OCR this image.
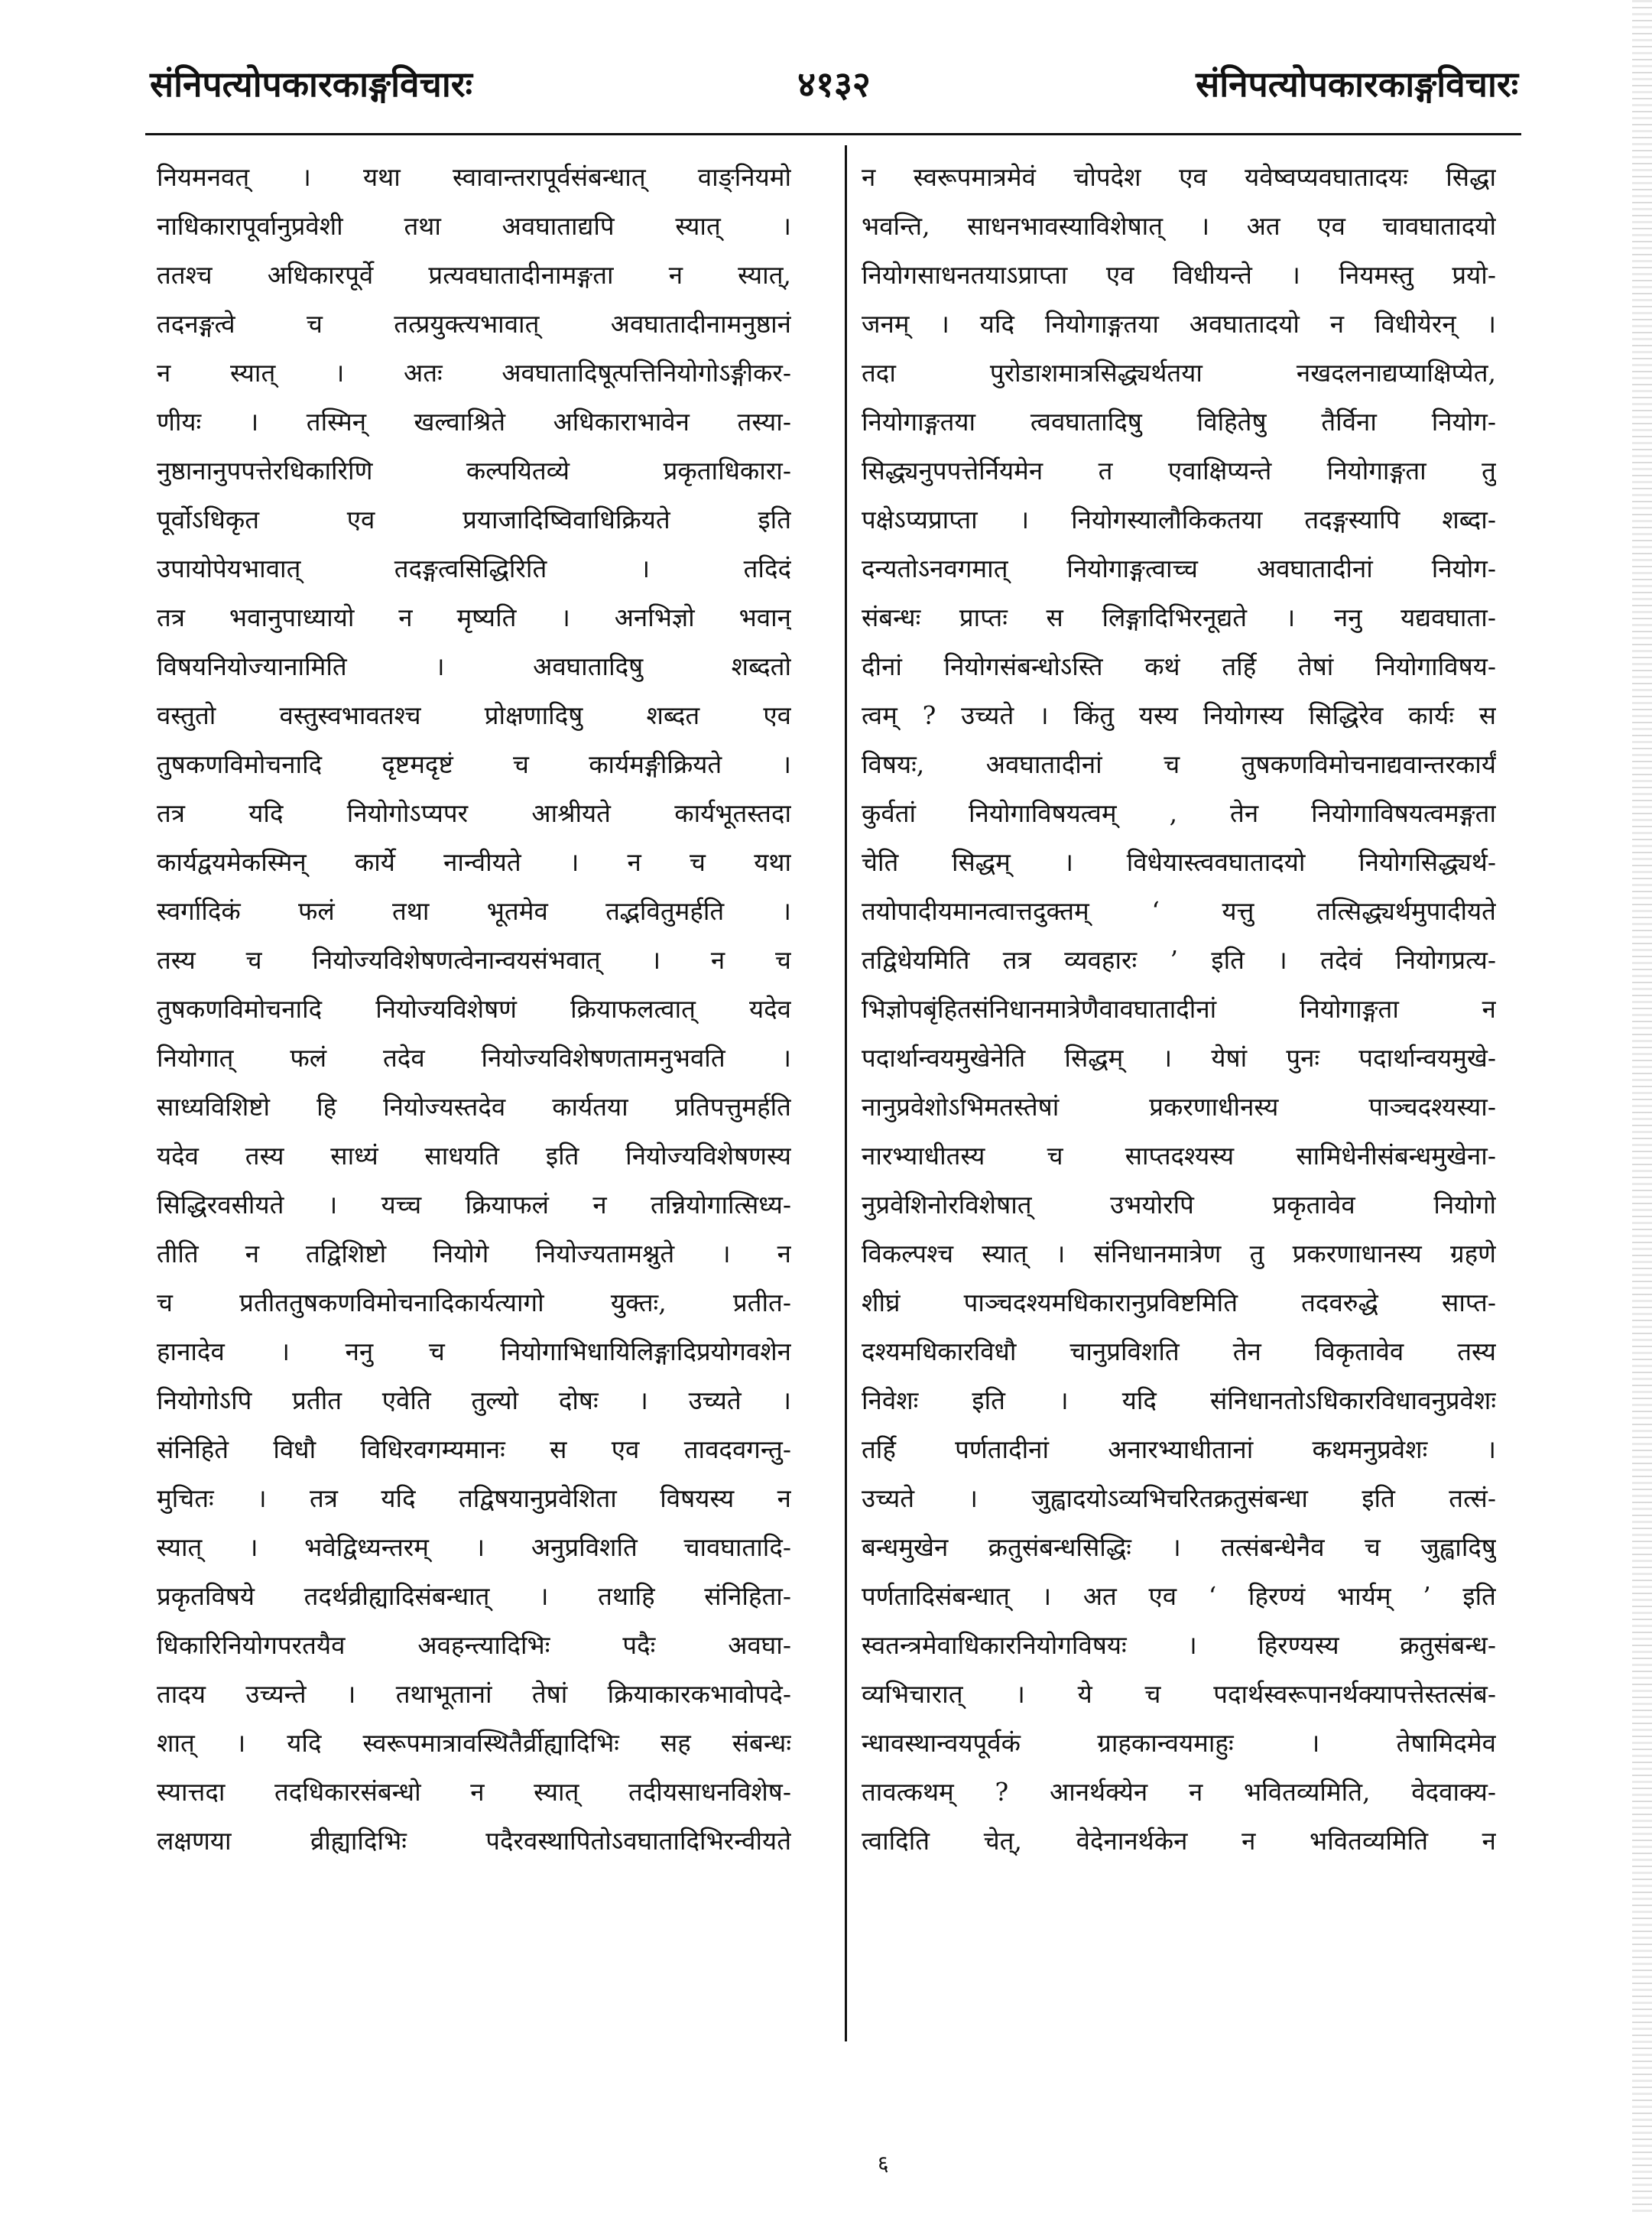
संनिपत्योपकारकाङ्गविचारः	४१३२	संनिपत्योपकारकाङ्गविचारः
नियमनवत् । यथा स्वावान्तरापूर्वसंबन्धात् वाङ्नियमो
नाधिकारापूर्वानुप्रवेशी तथा अवघाताद्यपि स्यात् ।
ततश्च अधिकारपूर्वे प्रत्यवघातादीनामङ्गता न स्यात्,
तदनङ्गत्वे च तत्प्रयुक्त्यभावात् अवघातादीनामनुष्ठानं
न स्यात् । अतः अवघातादिषूत्पत्तिनियोगोऽङ्गीकर-
णीयः । तस्मिन् खल्वाश्रिते अधिकाराभावेन तस्या-
नुष्ठानानुपपत्तेरधिकारिणि कल्पयितव्ये प्रकृताधिकारा-
पूर्वोऽधिकृत एव प्रयाजादिष्विवाधिक्रियते इति
उपायोपेयभावात् तदङ्गत्वसिद्धिरिति । तदिदं
तत्र भवानुपाध्यायो न मृष्यति । अनभिज्ञो भवान्
विषयनियोज्यानामिति । अवघातादिषु शब्दतो
वस्तुतो वस्तुस्वभावतश्च प्रोक्षणादिषु शब्दत एव
तुषकणविमोचनादि दृष्टमदृष्टं च कार्यमङ्गीक्रियते ।
तत्र यदि नियोगोऽप्यपर आश्रीयते कार्यभूतस्तदा
कार्यद्वयमेकस्मिन् कार्ये नान्वीयते । न च यथा
स्वर्गादिकं फलं तथा भूतमेव तद्भवितुमर्हति ।
तस्य च नियोज्यविशेषणत्वेनान्वयसंभवात् । न च
तुषकणविमोचनादि नियोज्यविशेषणं क्रियाफलत्वात् यदेव
नियोगात् फलं तदेव नियोज्यविशेषणतामनुभवति ।
साध्यविशिष्टो हि नियोज्यस्तदेव कार्यतया प्रतिपत्तुमर्हति
यदेव तस्य साध्यं साधयति इति नियोज्यविशेषणस्य
सिद्धिरवसीयते । यच्च क्रियाफलं न तन्नियोगात्सिध्य-
तीति न तद्विशिष्टो नियोगे नियोज्यतामश्नुते । न
च प्रतीततुषकणविमोचनादिकार्यत्यागो युक्तः, प्रतीत-
हानादेव । ननु च नियोगाभिधायिलिङ्गादिप्रयोगवशेन
नियोगोऽपि प्रतीत एवेति तुल्यो दोषः । उच्यते ।
संनिहिते विधौ विधिरवगम्यमानः स एव तावदवगन्तु-
मुचितः । तत्र यदि तद्विषयानुप्रवेशिता विषयस्य न
स्यात् । भवेद्विध्यन्तरम् । अनुप्रविशति चावघातादि-
प्रकृतविषये तदर्थव्रीह्यादिसंबन्धात् । तथाहि संनिहिता-
धिकारिनियोगपरतयैव अवहन्त्यादिभिः पदैः अवघा-
तादय उच्यन्ते । तथाभूतानां तेषां क्रियाकारकभावोपदे-
शात् । यदि स्वरूपमात्रावस्थितैर्व्रीह्यादिभिः सह संबन्धः
स्यात्तदा तदधिकारसंबन्धो न स्यात् तदीयसाधनविशेष-
लक्षणया व्रीह्यादिभिः पदैरवस्थापितोऽवघातादिभिरन्वीयते
न स्वरूपमात्रमेवं चोपदेश एव यवेष्वप्यवघातादयः सिद्धा
भवन्ति, साधनभावस्याविशेषात् । अत एव चावघातादयो
नियोगसाधनतयाऽप्राप्ता एव विधीयन्ते । नियमस्तु प्रयो-
जनम् । यदि नियोगाङ्गतया अवघातादयो न विधीयेरन् ।
तदा पुरोडाशमात्रसिद्ध्यर्थतया नखदलनाद्यप्याक्षिप्येत,
नियोगाङ्गतया त्ववघातादिषु विहितेषु तैर्विना नियोग-
सिद्ध्यनुपपत्तेर्नियमेन त एवाक्षिप्यन्ते नियोगाङ्गता तु
पक्षेऽप्यप्राप्ता । नियोगस्यालौकिकतया तदङ्गस्यापि शब्दा-
दन्यतोऽनवगमात् नियोगाङ्गत्वाच्च अवघातादीनां नियोग-
संबन्धः प्राप्तः स लिङ्गादिभिरनूद्यते । ननु यद्यवघाता-
दीनां नियोगसंबन्धोऽस्ति कथं तर्हि तेषां नियोगाविषय-
त्वम् ? उच्यते । किंतु यस्य नियोगस्य सिद्धिरेव कार्यः स
विषयः, अवघातादीनां च तुषकणविमोचनाद्यवान्तरकार्यं
कुर्वतां नियोगाविषयत्वम् , तेन नियोगाविषयत्वमङ्गता
चेति सिद्धम् । विधेयास्त्ववघातादयो नियोगसिद्ध्यर्थ-
तयोपादीयमानत्वात्तदुक्तम् ‘ यत्तु तत्सिद्ध्यर्थमुपादीयते
तद्विधेयमिति तत्र व्यवहारः ’ इति । तदेवं नियोगप्रत्य-
भिज्ञोपबृंहितसंनिधानमात्रेणैवावघातादीनां नियोगाङ्गता न
पदार्थान्वयमुखेनेति सिद्धम् । येषां पुनः पदार्थान्वयमुखे-
नानुप्रवेशोऽभिमतस्तेषां प्रकरणाधीनस्य पाञ्चदश्यस्या-
नारभ्याधीतस्य च साप्तदश्यस्य सामिधेनीसंबन्धमुखेना-
नुप्रवेशिनोरविशेषात् उभयोरपि प्रकृतावेव नियोगो
विकल्पश्च स्यात् । संनिधानमात्रेण तु प्रकरणाधानस्य ग्रहणे
शीघ्रं पाञ्चदश्यमधिकारानुप्रविष्टमिति तदवरुद्धे साप्त-
दश्यमधिकारविधौ चानुप्रविशति तेन विकृतावेव तस्य
निवेशः इति । यदि संनिधानतोऽधिकारविधावनुप्रवेशः
तर्हि पर्णतादीनां अनारभ्याधीतानां कथमनुप्रवेशः ।
उच्यते । जुह्वादयोऽव्यभिचरितक्रतुसंबन्धा इति तत्सं-
बन्धमुखेन क्रतुसंबन्धसिद्धिः । तत्संबन्धेनैव च जुह्वादिषु
पर्णतादिसंबन्धात् । अत एव ‘ हिरण्यं भार्यम् ’ इति
स्वतन्त्रमेवाधिकारनियोगविषयः । हिरण्यस्य क्रतुसंबन्ध-
व्यभिचारात् । ये च पदार्थस्वरूपानर्थक्यापत्तेस्तत्संब-
न्धावस्थान्वयपूर्वकं ग्राहकान्वयमाहुः । तेषामिदमेव
तावत्कथम् ? आनर्थक्येन न भवितव्यमिति, वेदवाक्य-
त्वादिति चेत्, वेदेनानर्थकेन न भवितव्यमिति न
६
